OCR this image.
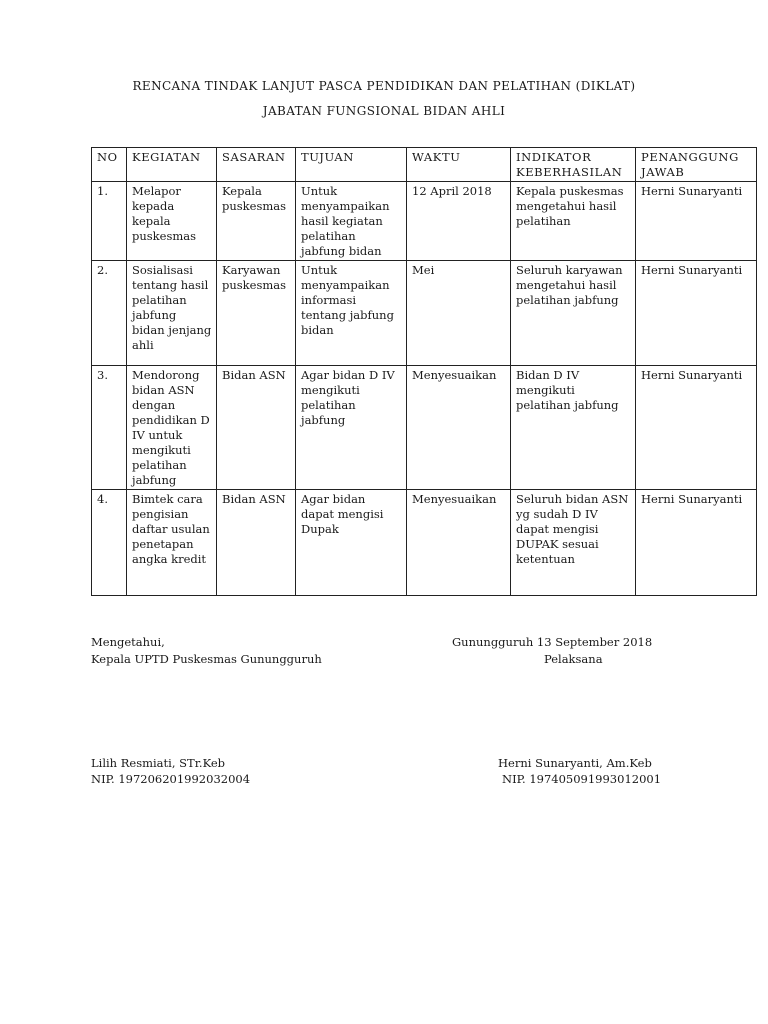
RENCANA TINDAK LANJUT PASCA PENDIDIKAN DAN PELATIHAN (DIKLAT)
JABATAN FUNGSIONAL BIDAN AHLI
NO	KEGIATAN	SASARAN	TUJUAN	WAKTU	INDIKATOR KEBERHASILAN	PENANGGUNG JAWAB
1.	Melapor kepada kepala puskesmas	Kepala puskesmas	Untuk menyampaikan hasil kegiatan pelatihan jabfung bidan	12 April 2018	Kepala puskesmas mengetahui hasil pelatihan	Herni Sunaryanti
2.	Sosialisasi tentang hasil pelatihan jabfung bidan jenjang ahli	Karyawan puskesmas	Untuk menyampaikan informasi tentang jabfung bidan	Mei	Seluruh karyawan mengetahui hasil pelatihan jabfung	Herni Sunaryanti
3.	Mendorong bidan ASN dengan pendidikan D IV untuk mengikuti pelatihan jabfung	Bidan ASN	Agar bidan D IV mengikuti pelatihan jabfung	Menyesuaikan	Bidan D IV mengikuti pelatihan jabfung	Herni Sunaryanti
4.	Bimtek cara pengisian daftar usulan penetapan angka kredit	Bidan ASN	Agar bidan dapat mengisi Dupak	Menyesuaikan	Seluruh bidan ASN yg sudah D IV dapat mengisi DUPAK sesuai ketentuan	Herni Sunaryanti
Mengetahui,
Kepala UPTD Puskesmas Gunungguruh
Gunungguruh 13 September 2018
Pelaksana
Lilih Resmiati, STr.Keb
NIP. 197206201992032004
Herni Sunaryanti, Am.Keb
NIP. 197405091993012001
